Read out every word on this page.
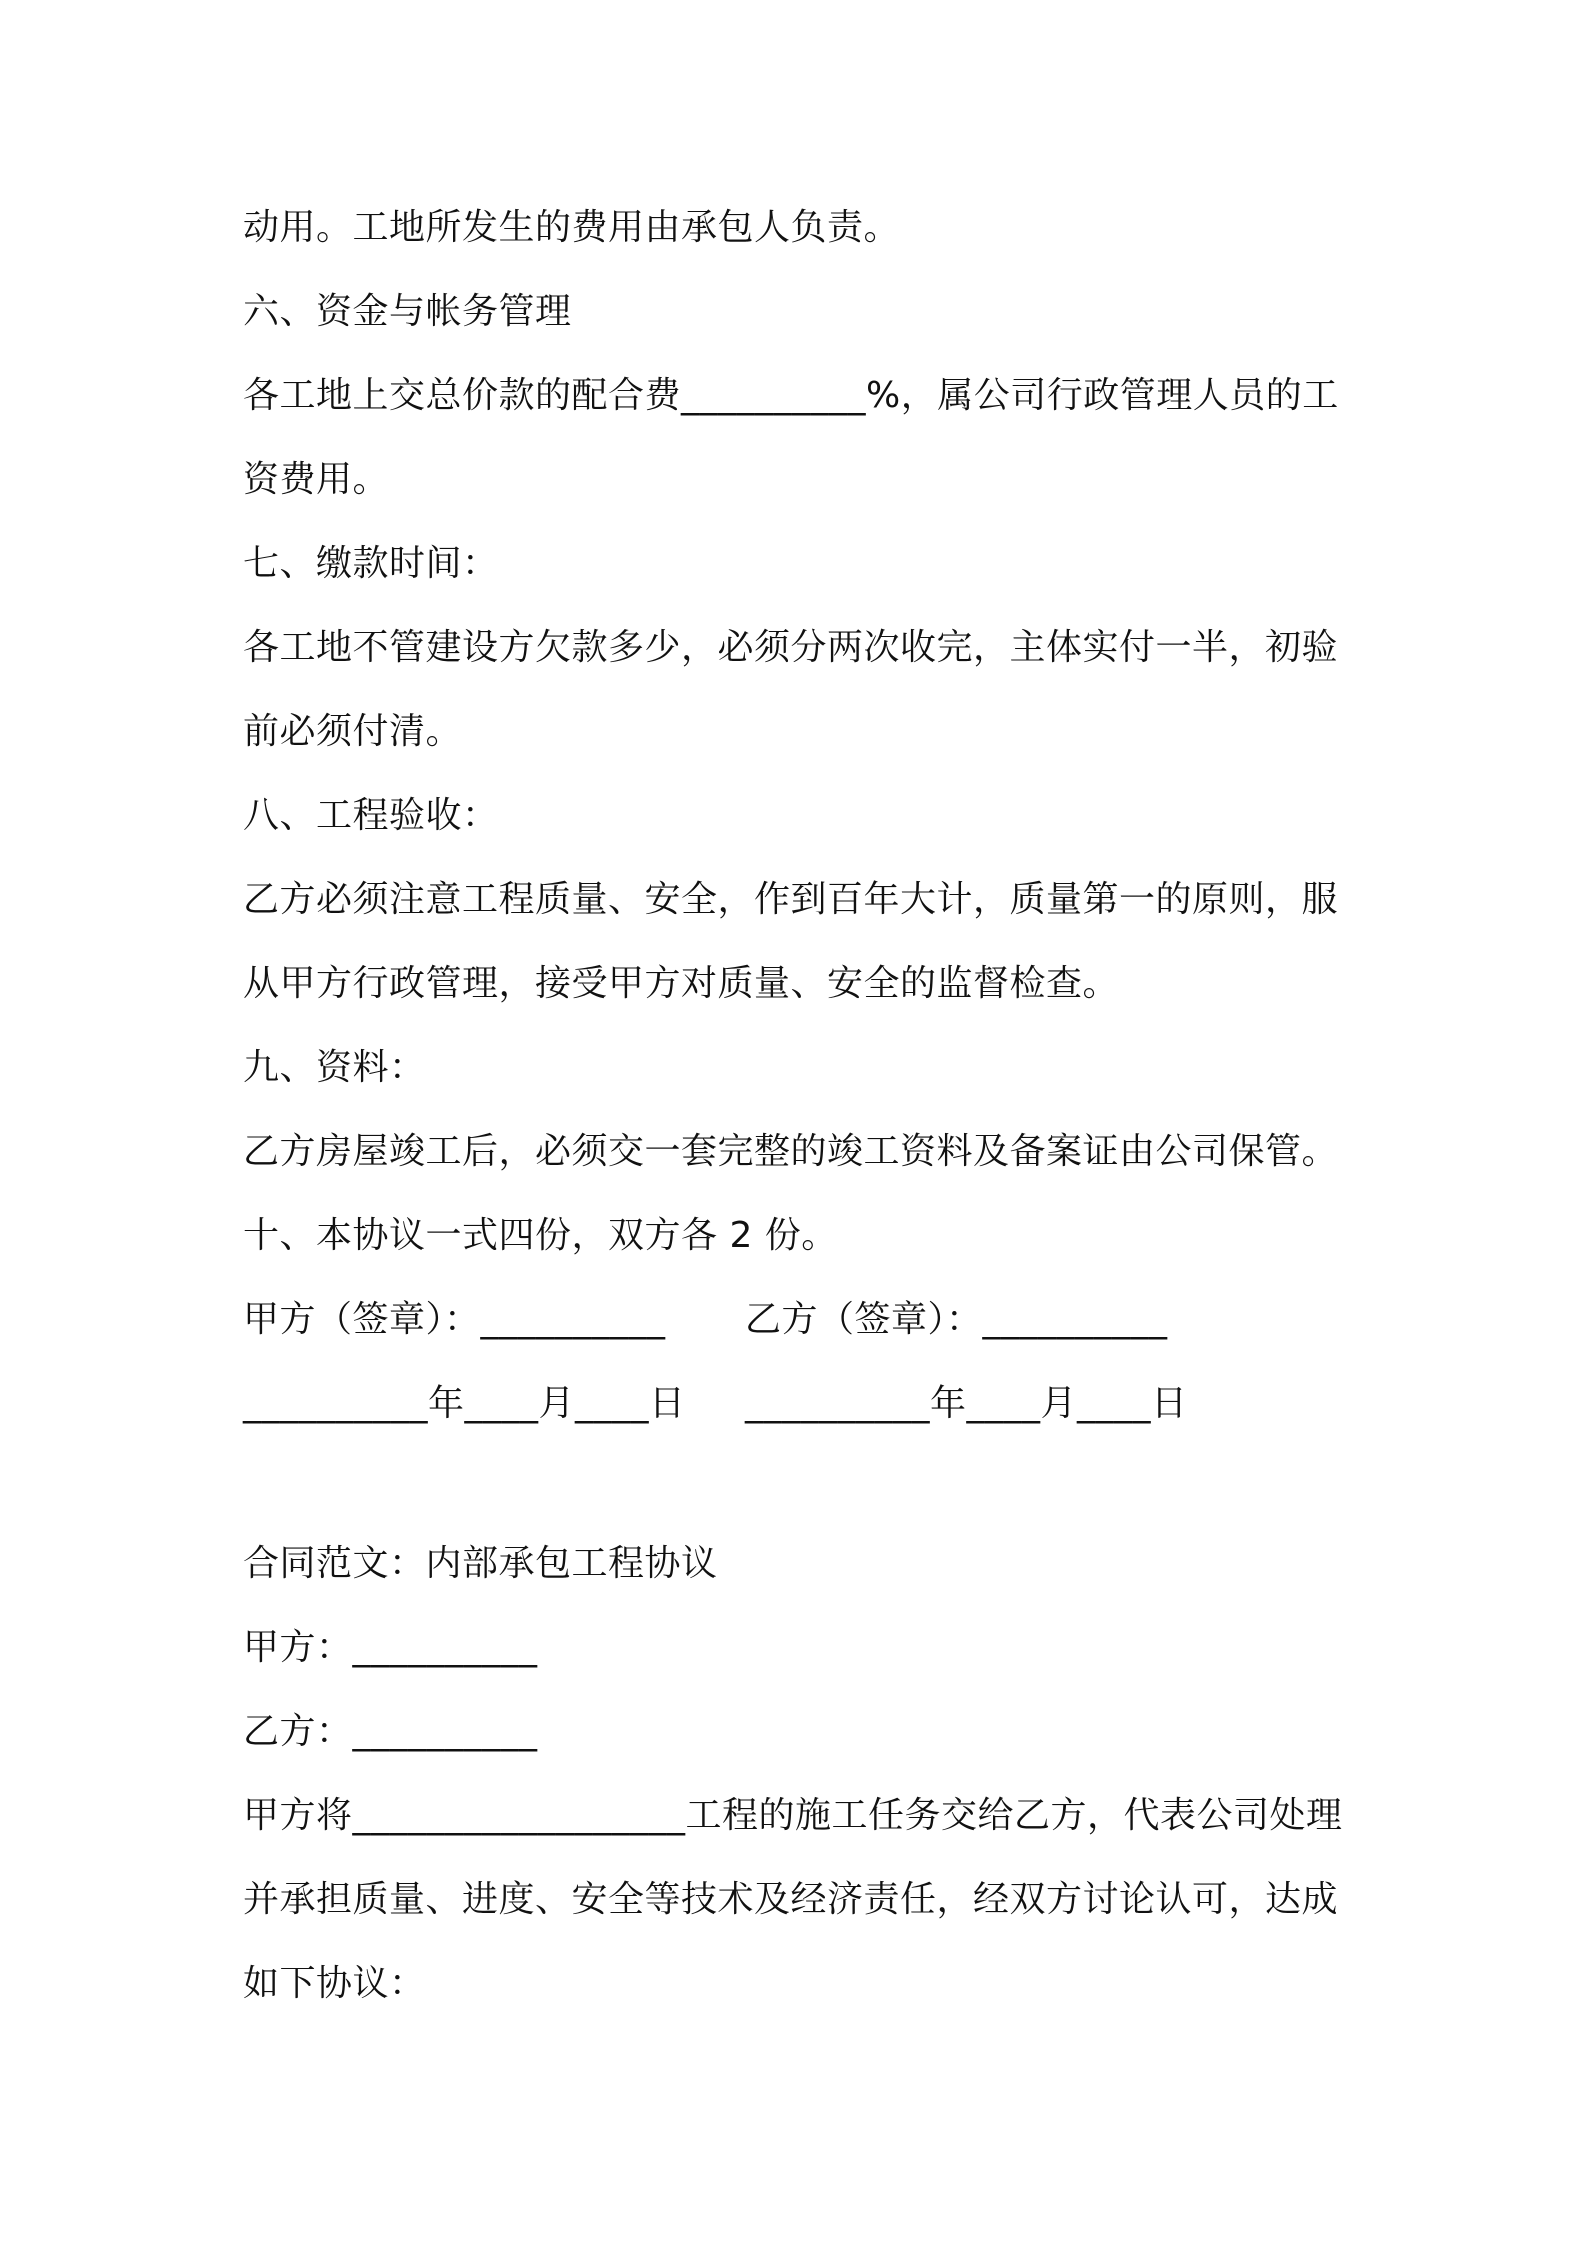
动用。工地所发生的费用由承包人负责。
六、资金与帐务管理
各工地上交总价款的配合费__________%，属公司行政管理人员的工
资费用。
七、缴款时间：
各工地不管建设方欠款多少，必须分两次收完，主体实付一半，初验
前必须付清。
八、工程验收：
乙方必须注意工程质量、安全，作到百年大计，质量第一的原则，服
从甲方行政管理，接受甲方对质量、安全的监督检查。
九、资料：
乙方房屋竣工后，必须交一套完整的竣工资料及备案证由公司保管。
十、本协议一式四份，双方各 2 份。
甲方（签章）：__________ 乙方（签章）：__________
__________年____月____日 __________年____月____日
合同范文：内部承包工程协议
甲方：__________
乙方：__________
甲方将__________________工程的施工任务交给乙方，代表公司处理
并承担质量、进度、安全等技术及经济责任，经双方讨论认可，达成
如下协议：
